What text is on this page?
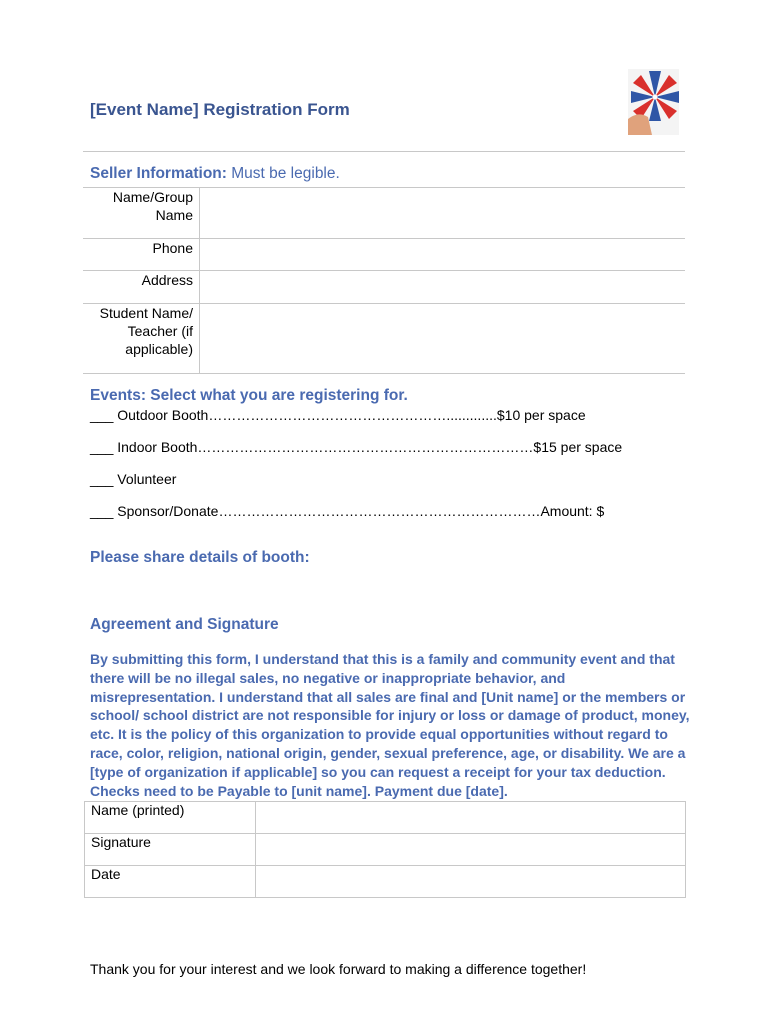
[Event Name] Registration Form
Seller Information: Must be legible.
Name/Group Name	
Phone	
Address	
Student Name/ Teacher (if applicable)	
Events: Select what you are registering for.
___ Outdoor Booth…………………………………………….............$10 per space
___ Indoor Booth………………………………………………………………$15 per space
___ Volunteer
___ Sponsor/Donate……………………………………………………………Amount: $
Please share details of booth:
Agreement and Signature
By submitting this form, I understand that this is a family and community event and that there will be no illegal sales, no negative or inappropriate behavior, and misrepresentation. I understand that all sales are final and [Unit name] or the members or school/ school district are not responsible for injury or loss or damage of product, money, etc. It is the policy of this organization to provide equal opportunities without regard to race, color, religion, national origin, gender, sexual preference, age, or disability. We are a [type of organization if applicable] so you can request a receipt for your tax deduction. Checks need to be Payable to [unit name]. Payment due [date].
Name (printed)	
Signature	
Date	
Thank you for your interest and we look forward to making a difference together!
